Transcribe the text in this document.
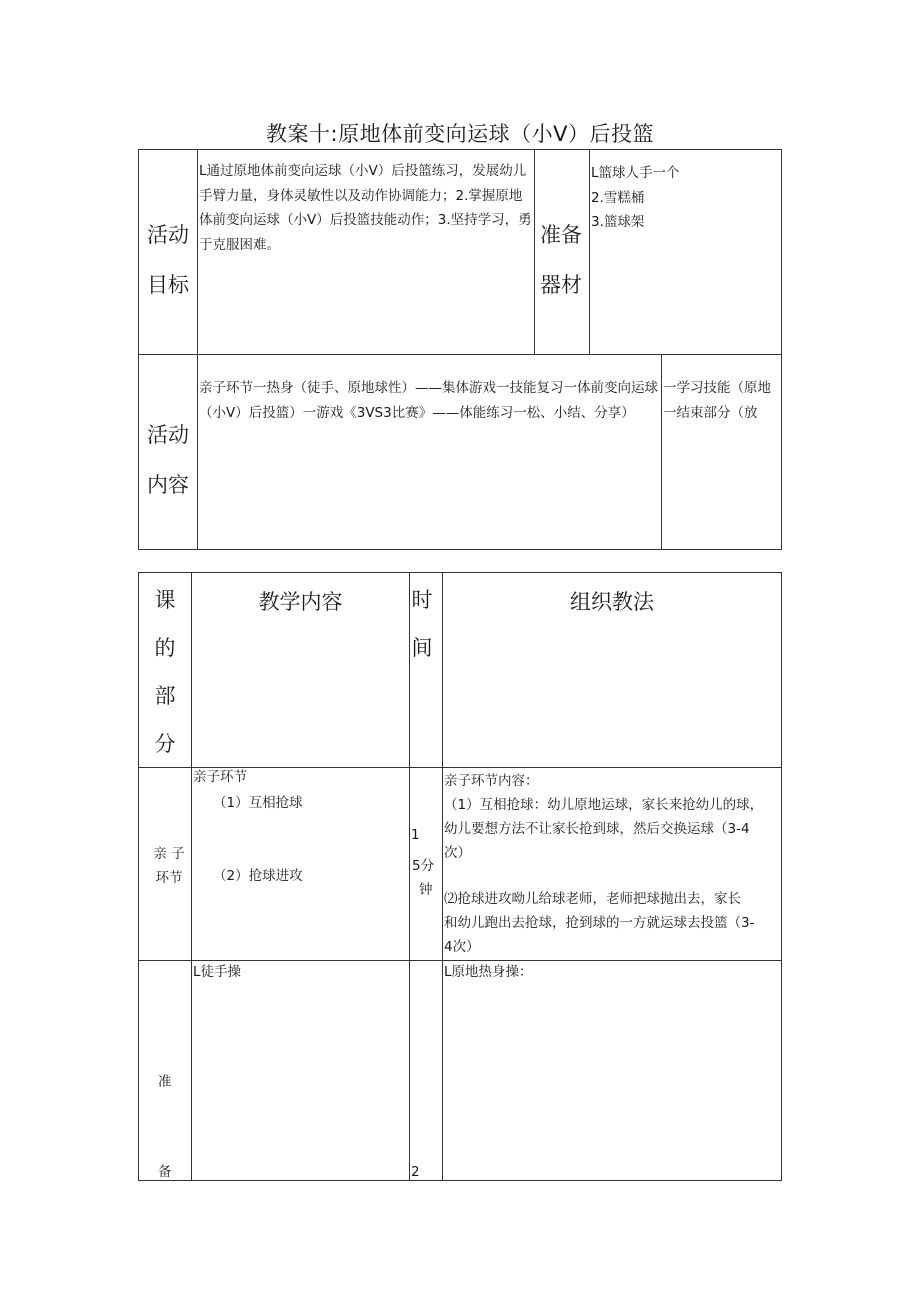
教案十:原地体前变向运球（小V）后投篮
活动
目标
L通过原地体前变向运球（小V）后投篮练习，发展幼儿手臂力量，身体灵敏性以及动作协调能力；2.掌握原地体前变向运球（小V）后投篮技能动作；3.坚持学习，勇于克服困难。	准备
器材
L篮球人手一个
2.雪糕桶
3.篮球架
活动
内容
亲子环节一热身（徒手、原地球性）——集体游戏一技能复习一体前变向运球（小V）后投篮）一游戏《3VS3比赛》——体能练习一松、小结、分享）
一学习技能（原地一结束部分（放
课
的
部
分
教学内容	时
间
组织教法
亲 子
环节
亲子环节
（1）互相抢球
（2）抢球进攻
1
5分
钟
亲子环节内容：
（1）互相抢球：幼儿原地运球，家长来抢幼儿的球，
幼儿要想方法不让家长抢到球，然后交换运球（3-4
次）
⑵抢球进攻呦儿给球老师，老师把球抛出去，家长
和幼儿跑出去抢球，抢到球的一方就运球去投篮（3-
4次）
准
备
L徒手操
2
L原地热身操：
